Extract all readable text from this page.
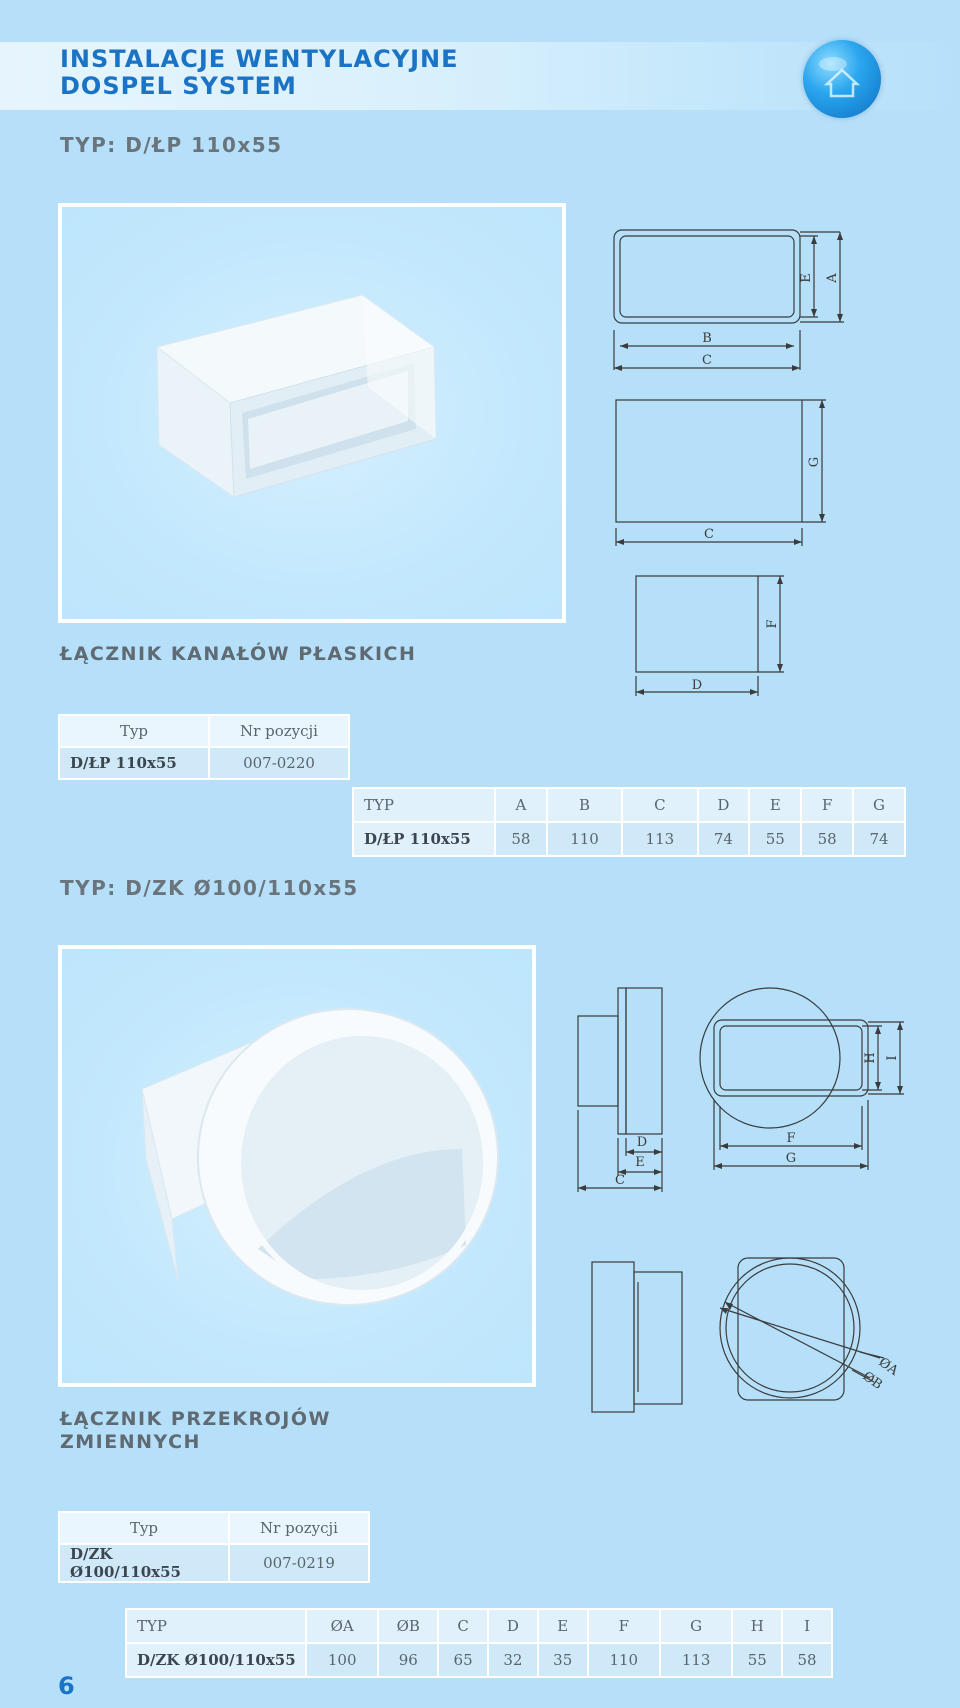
INSTALACJE WENTYLACYJNE
DOSPEL SYSTEM
TYP: D/ŁP 110x55
B
C
E A
G
C
F
D
ŁĄCZNIK KANAŁÓW PŁASKICH
Typ	Nr pozycji
D/ŁP 110x55	007-0220
TYP	A	B	C	D	E	F	G
D/ŁP 110x55	58	110	113	74	55	58	74
TYP: D/ZK Ø100/110x55
D
E
C
F
G
H I
ØA
ØB
ŁĄCZNIK PRZEKROJÓW
ZMIENNYCH
Typ	Nr pozycji
D/ZK Ø100/110x55	007-0219
TYP	ØA	ØB	C	D	E	F	G	H	I
D/ZK Ø100/110x55	100	96	65	32	35	110	113	55	58
6
